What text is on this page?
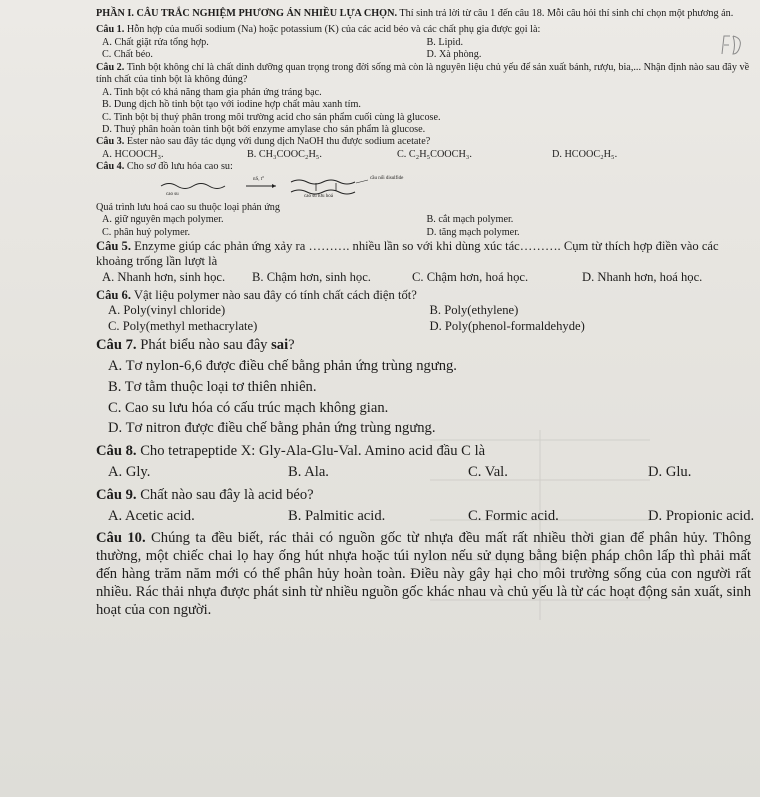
PHẦN I. CÂU TRẮC NGHIỆM PHƯƠNG ÁN NHIỀU LỰA CHỌN. Thí sinh trả lời từ câu 1 đến câu 18. Mỗi câu hỏi thí sinh chỉ chọn một phương án.

Câu 1. Hỗn hợp của muối sodium (Na) hoặc potassium (K) của các acid béo và các chất phụ gia được gọi là:

A. Chất giặt rửa tổng hợp.	B. Lipid.
C. Chất béo.	D. Xà phòng.

Câu 2. Tinh bột không chỉ là chất dinh dưỡng quan trọng trong đời sống mà còn là nguyên liệu chủ yếu để sản xuất bánh, rượu, bia,... Nhận định nào sau đây về tính chất của tinh bột là không đúng?

A. Tinh bột có khả năng tham gia phản ứng tráng bạc.
B. Dung dịch hồ tinh bột tạo với iodine hợp chất màu xanh tím.
C. Tinh bột bị thuỷ phân trong môi trường acid cho sản phẩm cuối cùng là glucose.
D. Thuỷ phân hoàn toàn tinh bột bởi enzyme amylase cho sản phẩm là glucose.

Câu 3. Ester nào sau đây tác dụng với dung dịch NaOH thu được sodium acetate?

A. HCOOCH₃.	B. CH₃COOC₂H₅.	C. C₂H₅COOCH₃.	D. HCOOC₂H₅.

Câu 4. Cho sơ đồ lưu hóa cao su:

cao su
nS, t°
cao su lưu hoá
cầu nối disulfide

Quá trình lưu hoá cao su thuộc loại phản ứng

A. giữ nguyên mạch polymer.	B. cắt mạch polymer.
C. phân huỷ polymer.	D. tăng mạch polymer.

Câu 5. Enzyme giúp các phản ứng xảy ra ………. nhiều lần so với khi dùng xúc tác………. Cụm từ thích hợp điền vào các khoảng trống lần lượt là

A. Nhanh hơn, sinh học.	B. Chậm hơn, sinh học.	C. Chậm hơn, hoá học.	D. Nhanh hơn, hoá học.

Câu 6. Vật liệu polymer nào sau đây có tính chất cách điện tốt?

A. Poly(vinyl chloride)	B. Poly(ethylene)
C. Poly(methyl methacrylate)	D. Poly(phenol-formaldehyde)

Câu 7. Phát biểu nào sau đây sai?

A. Tơ nylon-6,6 được điều chế bằng phản ứng trùng ngưng.
B. Tơ tằm thuộc loại tơ thiên nhiên.
C. Cao su lưu hóa có cấu trúc mạch không gian.
D. Tơ nitron được điều chế bằng phản ứng trùng ngưng.

Câu 8. Cho tetrapeptide X: Gly-Ala-Glu-Val. Amino acid đầu C là

A. Gly.	B. Ala.	C. Val.	D. Glu.

Câu 9. Chất nào sau đây là acid béo?

A. Acetic acid.	B. Palmitic acid.	C. Formic acid.	D. Propionic acid.

Câu 10. Chúng ta đều biết, rác thải có nguồn gốc từ nhựa đều mất rất nhiều thời gian để phân hủy. Thông thường, một chiếc chai lọ hay ống hút nhựa hoặc túi nylon nếu sử dụng bằng biện pháp chôn lấp thì phải mất đến hàng trăm năm mới có thể phân hủy hoàn toàn. Điều này gây hại cho môi trường sống của con người rất nhiều. Rác thải nhựa được phát sinh từ nhiều nguồn gốc khác nhau và chủ yếu là từ các hoạt động sản xuất, sinh hoạt của con người.
